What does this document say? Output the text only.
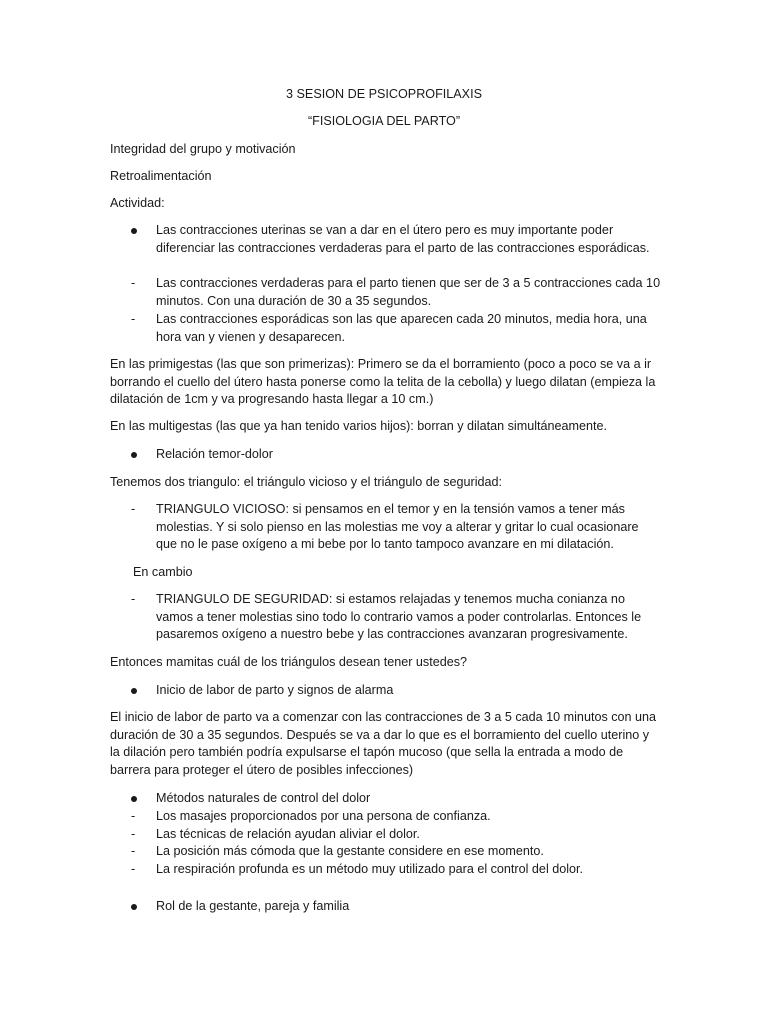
3 SESION DE PSICOPROFILAXIS

“FISIOLOGIA DEL PARTO”

Integridad del grupo y motivación

Retroalimentación

Actividad:

Las contracciones uterinas se van a dar en el útero pero es muy importante poder diferenciar las contracciones verdaderas para el parto de las contracciones esporádicas.

-	Las contracciones verdaderas para el parto tienen que ser de 3 a 5 contracciones cada 10 minutos. Con una duración de 30 a 35 segundos.

-	Las contracciones esporádicas son las que aparecen cada 20 minutos, media hora, una hora van y vienen y desaparecen.

En las primigestas (las que son primerizas): Primero se da el borramiento (poco a poco se va a ir borrando el cuello del útero hasta ponerse como la telita de la cebolla) y luego dilatan (empieza la dilatación de 1cm y va progresando hasta llegar a 10 cm.)

En las multigestas (las que ya han tenido varios hijos): borran y dilatan simultáneamente.

Relación temor-dolor

Tenemos dos triangulo: el triángulo vicioso y el triángulo de seguridad:

-	TRIANGULO VICIOSO: si pensamos en el temor y en la tensión vamos a tener más molestias. Y si solo pienso en las molestias me voy a alterar y gritar lo cual ocasionare que no le pase oxígeno a mi bebe por lo tanto tampoco avanzare en mi dilatación.

En cambio

-	TRIANGULO DE SEGURIDAD: si estamos relajadas y tenemos mucha conianza no vamos a tener molestias sino todo lo contrario vamos a poder controlarlas. Entonces le pasaremos oxígeno a nuestro bebe y las contracciones avanzaran progresivamente.

Entonces mamitas cuál de los triángulos desean tener ustedes?

Inicio de labor de parto y signos de alarma

El inicio de labor de parto va a comenzar con las contracciones de 3 a 5 cada 10 minutos con una duración de 30 a 35 segundos. Después se va a dar lo que es el borramiento del cuello uterino y la dilación pero también podría expulsarse el tapón mucoso (que sella la entrada a modo de barrera para proteger el útero de posibles infecciones)

Métodos naturales de control del dolor

-	Los masajes proporcionados por una persona de confianza.

-	Las técnicas de relación ayudan aliviar el dolor.

-	La posición más cómoda que la gestante considere en ese momento.

-	La respiración profunda es un método muy utilizado para el control del dolor.

Rol de la gestante, pareja y familia
